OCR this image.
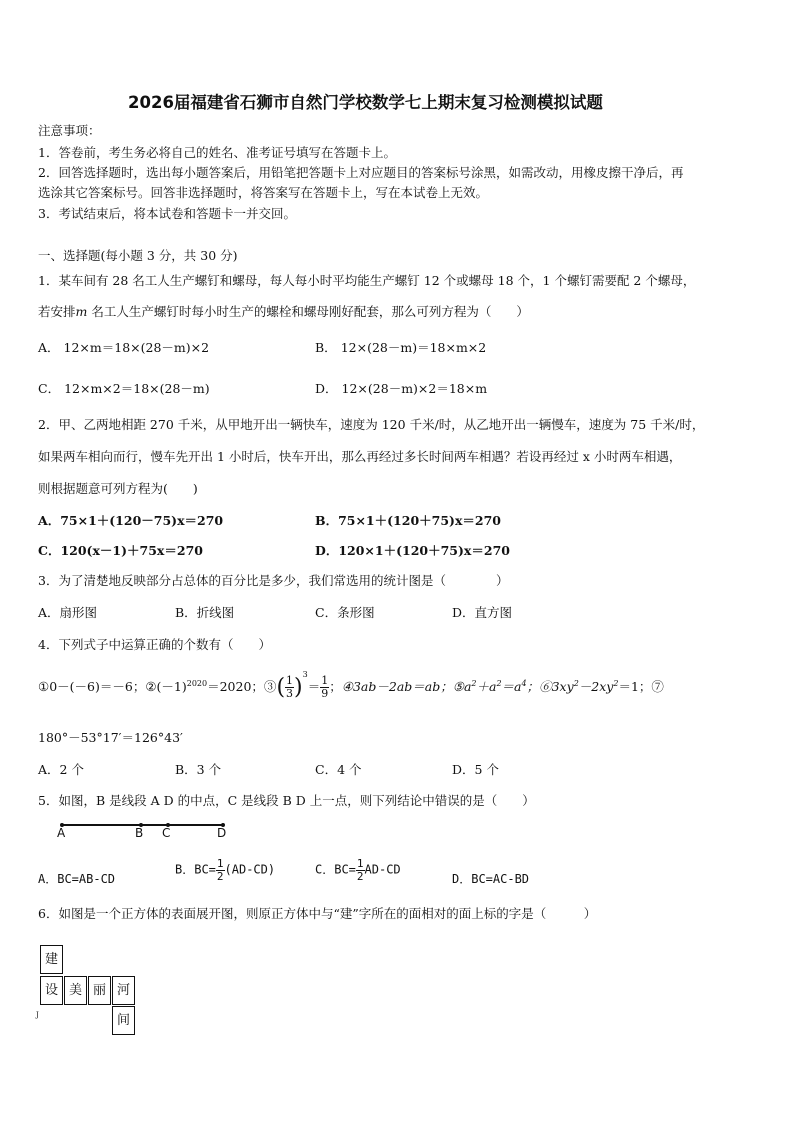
2026届福建省石狮市自然门学校数学七上期末复习检测模拟试题
注意事项：
1．答卷前，考生务必将自己的姓名、准考证号填写在答题卡上。
2．回答选择题时，选出每小题答案后，用铅笔把答题卡上对应题目的答案标号涂黑，如需改动，用橡皮擦干净后，再
选涂其它答案标号。回答非选择题时，将答案写在答题卡上，写在本试卷上无效。
3．考试结束后，将本试卷和答题卡一并交回。
一、选择题(每小题 3 分，共 30 分)
1．某车间有 28 名工人生产螺钉和螺母，每人每小时平均能生产螺钉 12 个或螺母 18 个，1 个螺钉需要配 2 个螺母，
若安排m 名工人生产螺钉时每小时生产的螺栓和螺母刚好配套，那么可列方程为（　　）
A． 12×m＝18×(28－m)×2	B． 12×(28－m)＝18×m×2
C． 12×m×2＝18×(28－m)	D． 12×(28－m)×2＝18×m
2．甲、乙两地相距 270 千米，从甲地开出一辆快车，速度为 120 千米/时，从乙地开出一辆慢车，速度为 75 千米/时，
如果两车相向而行，慢车先开出 1 小时后，快车开出，那么再经过多长时间两车相遇？若设再经过 x 小时两车相遇，
则根据题意可列方程为(　　)
A．75×1＋(120－75)x＝270	B．75×1＋(120＋75)x＝270
C．120(x－1)＋75x＝270	D．120×1＋(120＋75)x＝270
3．为了清楚地反映部分占总体的百分比是多少，我们常选用的统计图是（　　　　）
A．扇形图	B．折线图	C．条形图	D．直方图
4．下列式子中运算正确的个数有（　　）
①0－(－6)＝－6；$②(-1)^{2020}=2020$；③( $\frac{1}{3} )^3= \frac{1}{9}$ ；④3ab－2ab＝ab；$⑤a^2+a^2=a^4$；$⑥3xy^2-2xy^2=1$；⑦
180°－53°17′＝126°43′
A．2 个	B．3 个	C．4 个	D．5 个
5．如图，B 是线段 A D 的中点，C 是线段 B D 上一点，则下列结论中错误的是（　　）
A	B C	D
A．BC=AB-CD
B．$BC= \frac{1}{2} (AD-CD)$	C．$BC= \frac{1}{2} AD-CD$
D．BC=AC-BD
6．如图是一个正方体的表面展开图，则原正方体中与“建”字所在的面相对的面上标的字是（　　　）
建
设 美 丽 河
间
J
